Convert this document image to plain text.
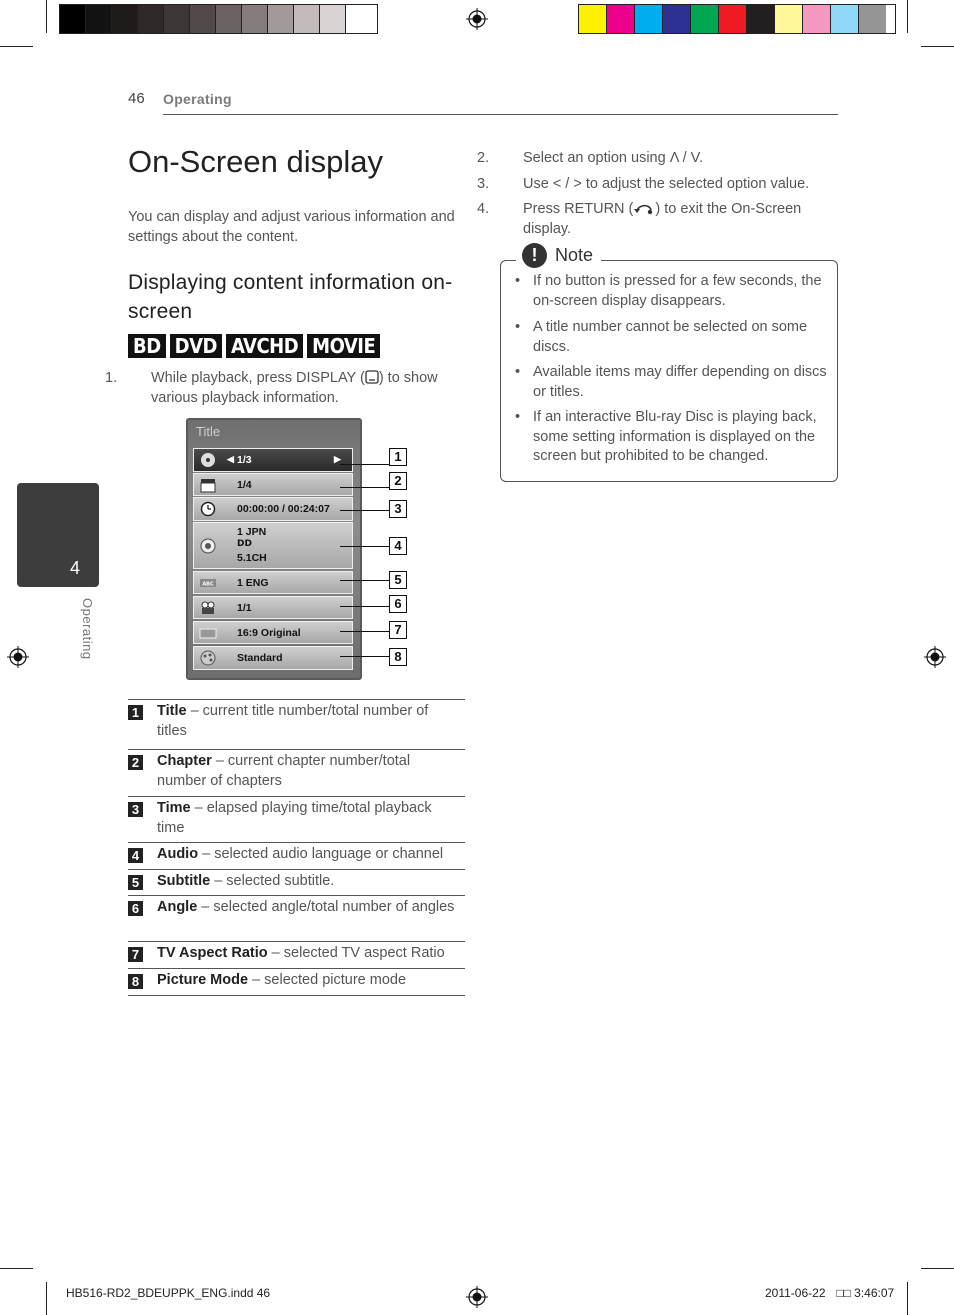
46 Operating
On-Screen display
You can display and adjust various information and settings about the content.
Displaying content information on-screen
BD DVD AVCHD MOVIE
1. While playback, press DISPLAY ( ) to show various playback information.
Title
◀ 1/3	▶
1/4
00:00:00 / 00:24:07
1 JPN
DD
5.1CH
ABC 1 ENG
1/1
16:9 Original
Standard
1
2
3
4
5
6
7
8
1 Title – current title number/total number of titles
2 Chapter – current chapter number/total number of chapters
3 Time – elapsed playing time/total playback time
4 Audio – selected audio language or channel
5 Subtitle – selected subtitle.
6 Angle – selected angle/total number of angles
7 TV Aspect Ratio – selected TV aspect Ratio
8 Picture Mode – selected picture mode
2. Select an option using Λ / V.
3. Use < / > to adjust the selected option value.
4. Press RETURN ( ) to exit the On-Screen display.
! Note
• If no button is pressed for a few seconds, the on-screen display disappears.
• A title number cannot be selected on some discs.
• Available items may differ depending on discs or titles.
• If an interactive Blu-ray Disc is playing back, some setting information is displayed on the screen but prohibited to be changed.
4
Operating
HB516-RD2_BDEUPPK_ENG.indd 46	2011-06-22 □□ 3:46:07
